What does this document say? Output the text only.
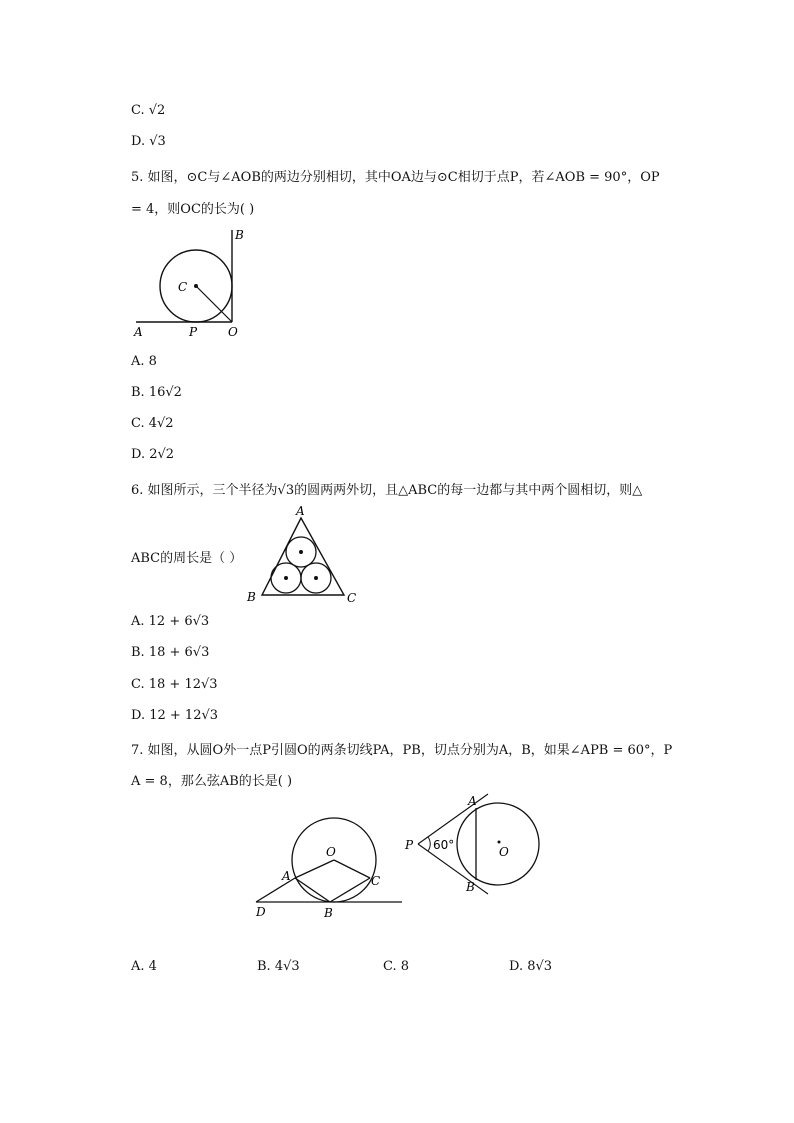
C. √2
D. √3
5. 如图，⊙C与∠AOB的两边分别相切，其中OA边与⊙C相切于点P，若∠AOB = 90°，OP
= 4，则OC的长为( )
B
C
A	P	O
A. 8
B. 16√2
C. 4√2
D. 2√2
6. 如图所示，三个半径为√3的圆两两外切，且△ABC的每一边都与其中两个圆相切，则△
ABC的周长是（ ）
A
B	C
A. 12 + 6√3
B. 18 + 6√3
C. 18 + 12√3
D. 12 + 12√3
7. 如图，从圆O外一点P引圆O的两条切线PA，PB，切点分别为A，B，如果∠APB = 60°，P
A = 8，那么弦AB的长是( )
O
A	C
D	B
A
P 60°	O
B
A. 4	B. 4√3	C. 8	D. 8√3
